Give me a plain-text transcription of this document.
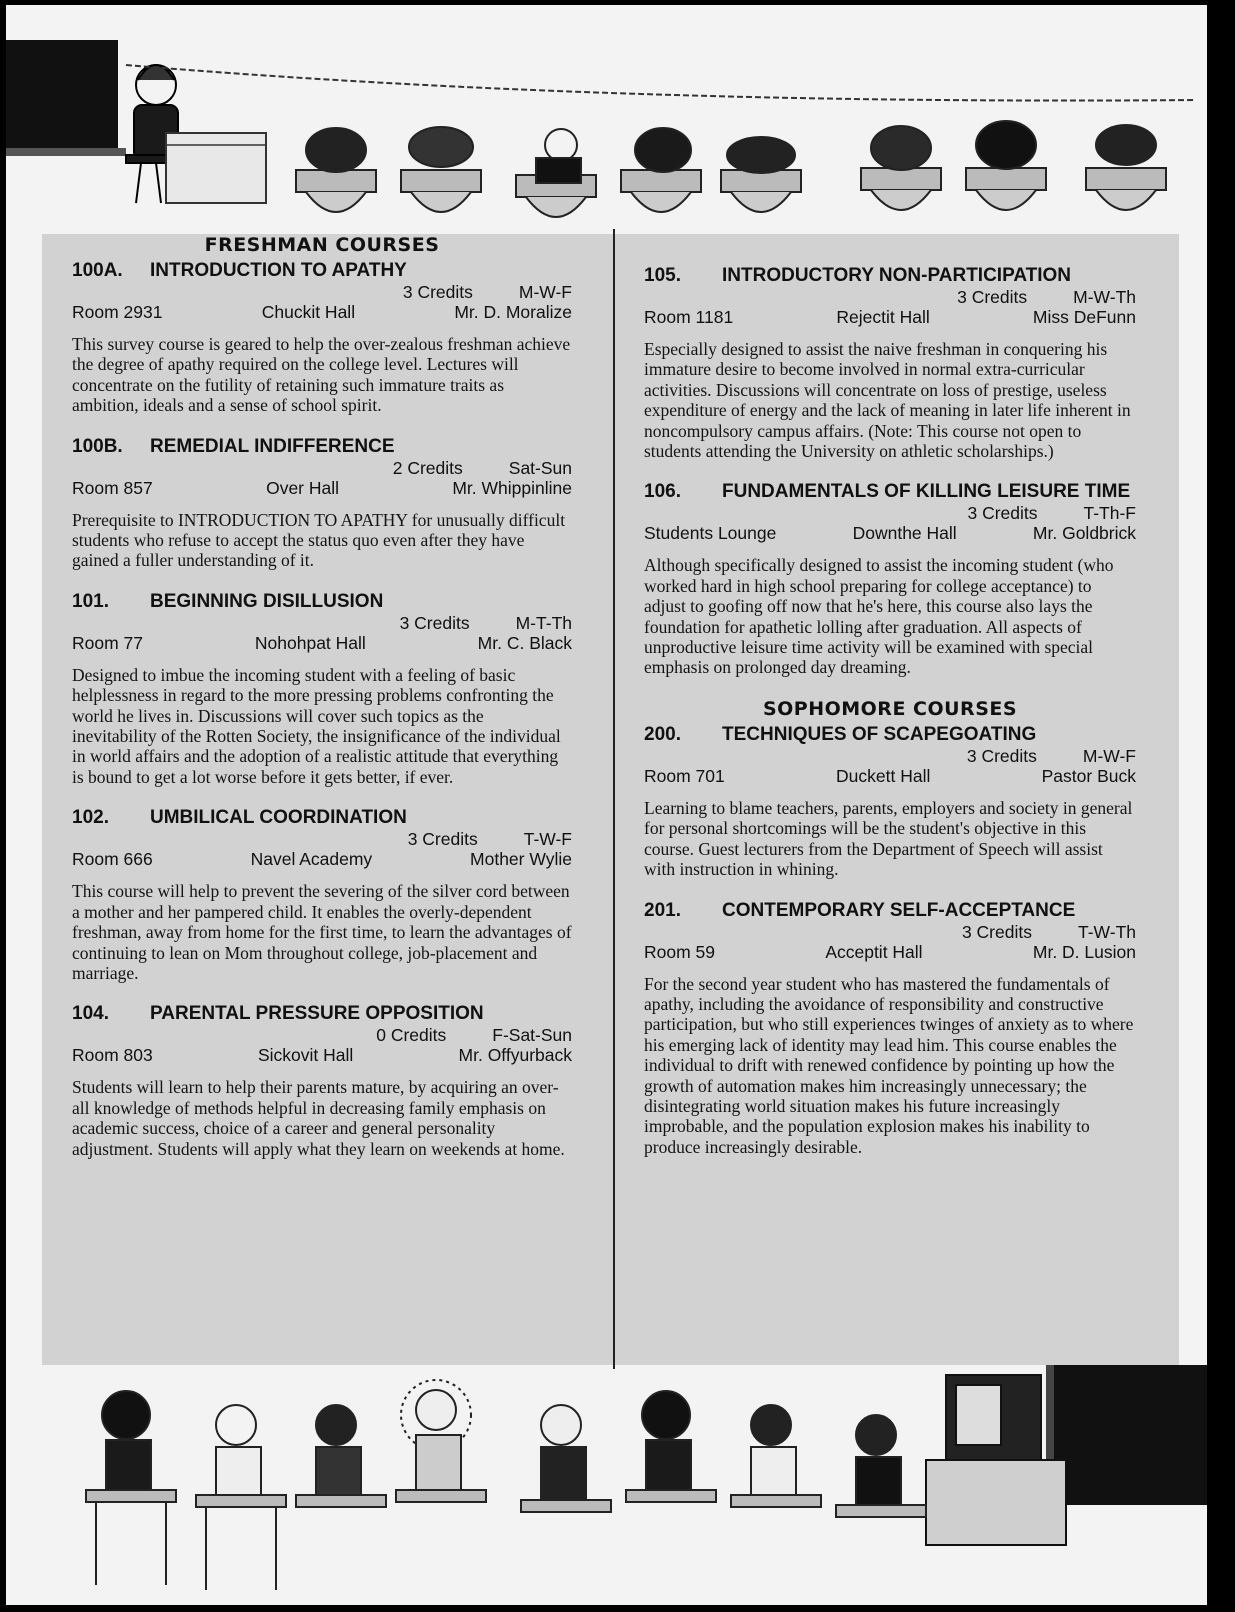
FRESHMAN COURSES
100A. INTRODUCTION TO APATHY
3 Credits	M-W-F
Room 2931	Chuckit Hall	Mr. D. Moralize

This survey course is geared to help the over-zealous freshman achieve the degree of apathy required on the college level. Lectures will concentrate on the futility of retaining such immature traits as ambition, ideals and a sense of school spirit.

100B. REMEDIAL INDIFFERENCE
2 Credits	Sat-Sun
Room 857	Over Hall	Mr. Whippinline

Prerequisite to INTRODUCTION TO APATHY for unusually difficult students who refuse to accept the status quo even after they have gained a fuller understanding of it.

101. BEGINNING DISILLUSION
3 Credits	M-T-Th
Room 77	Nohohpat Hall	Mr. C. Black

Designed to imbue the incoming student with a feeling of basic helplessness in regard to the more pressing problems confronting the world he lives in. Discussions will cover such topics as the inevitability of the Rotten Society, the insignificance of the individual in world affairs and the adoption of a realistic attitude that everything is bound to get a lot worse before it gets better, if ever.

102. UMBILICAL COORDINATION
3 Credits	T-W-F
Room 666	Navel Academy	Mother Wylie

This course will help to prevent the severing of the silver cord between a mother and her pampered child. It enables the overly-dependent freshman, away from home for the first time, to learn the advantages of continuing to lean on Mom throughout college, job-placement and marriage.

104. PARENTAL PRESSURE OPPOSITION
0 Credits	F-Sat-Sun
Room 803	Sickovit Hall	Mr. Offyurback

Students will learn to help their parents mature, by acquiring an over-all knowledge of methods helpful in decreasing family emphasis on academic success, choice of a career and general personality adjustment. Students will apply what they learn on weekends at home.

105. INTRODUCTORY NON-PARTICIPATION
3 Credits	M-W-Th
Room 1181	Rejectit Hall	Miss DeFunn

Especially designed to assist the naive freshman in conquering his immature desire to become involved in normal extra-curricular activities. Discussions will concentrate on loss of prestige, useless expenditure of energy and the lack of meaning in later life inherent in noncompulsory campus affairs. (Note: This course not open to students attending the University on athletic scholarships.)

106. FUNDAMENTALS OF KILLING LEISURE TIME
3 Credits	T-Th-F
Students Lounge	Downthe Hall	Mr. Goldbrick

Although specifically designed to assist the incoming student (who worked hard in high school preparing for college acceptance) to adjust to goofing off now that he's here, this course also lays the foundation for apathetic lolling after graduation. All aspects of unproductive leisure time activity will be examined with special emphasis on prolonged day dreaming.

SOPHOMORE COURSES
200. TECHNIQUES OF SCAPEGOATING
3 Credits	M-W-F
Room 701	Duckett Hall	Pastor Buck

Learning to blame teachers, parents, employers and society in general for personal shortcomings will be the student's objective in this course. Guest lecturers from the Department of Speech will assist with instruction in whining.

201. CONTEMPORARY SELF-ACCEPTANCE
3 Credits	T-W-Th
Room 59	Acceptit Hall	Mr. D. Lusion

For the second year student who has mastered the fundamentals of apathy, including the avoidance of responsibility and constructive participation, but who still experiences twinges of anxiety as to where his emerging lack of identity may lead him. This course enables the individual to drift with renewed confidence by pointing up how the growth of automation makes him increasingly unnecessary; the disintegrating world situation makes his future increasingly improbable, and the population explosion makes his inability to produce increasingly desirable.
